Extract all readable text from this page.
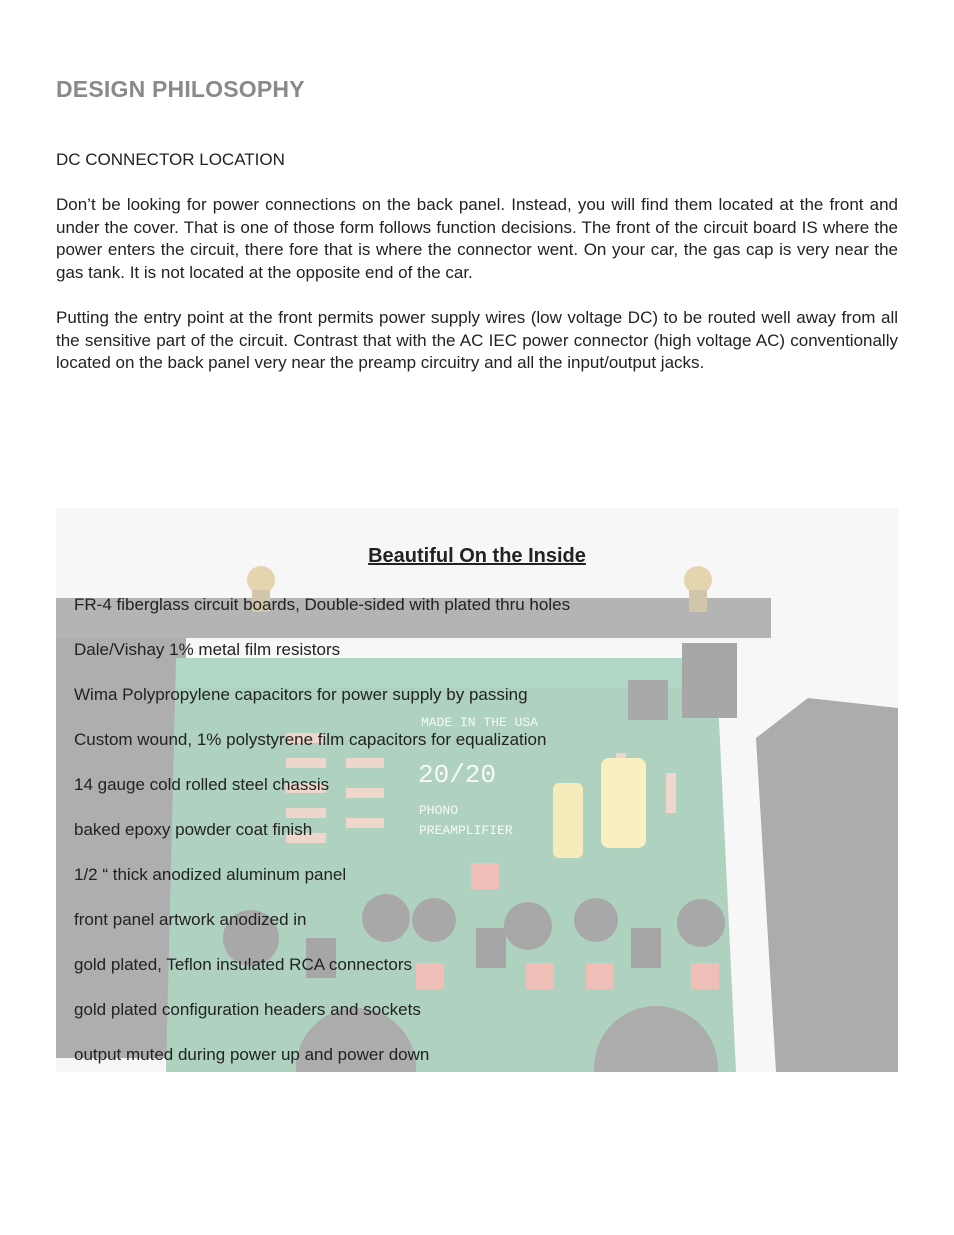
DESIGN PHILOSOPHY
DC CONNECTOR LOCATION
Don’t be looking for power connections on the back panel. Instead, you will find them located at the front and under the cover. That is one of those form follows function decisions. The front of the circuit board IS where the power enters the circuit, there fore that is where the connector went. On your car, the gas cap is very near the gas tank. It is not located at the opposite end of the car.
Putting the entry point at the front permits power supply wires (low voltage DC) to be routed well away from all the sensitive part of the circuit. Contrast that with the AC IEC power connector (high voltage AC) conventionally located on the back panel very near the preamp circuitry and all the input/output jacks.
Beautiful On the Inside
FR-4 fiberglass circuit boards, Double-sided with plated thru holes
Dale/Vishay 1% metal film resistors
Wima Polypropylene capacitors for power supply by passing
Custom wound, 1% polystyrene film capacitors for equalization
14 gauge cold rolled steel chassis
baked epoxy powder coat finish
1/2 “ thick anodized aluminum panel
front panel artwork anodized in
gold plated, Teflon insulated RCA connectors
gold plated configuration headers and sockets
output muted during power up and power down
